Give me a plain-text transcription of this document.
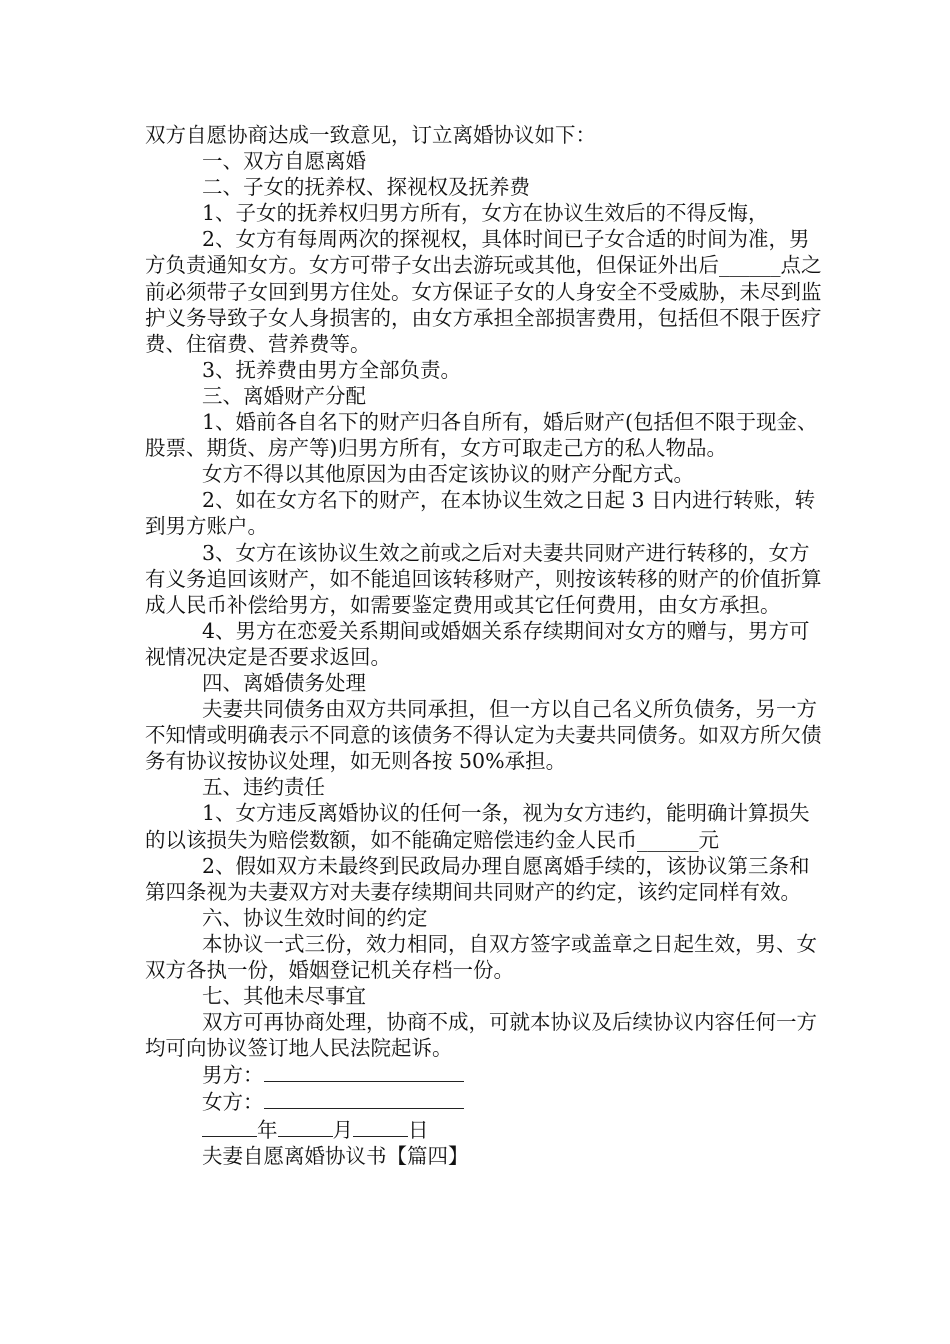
双方自愿协商达成一致意见，订立离婚协议如下：

一、双方自愿离婚

二、子女的抚养权、探视权及抚养费

1、子女的抚养权归男方所有，女方在协议生效后的不得反悔，

2、女方有每周两次的探视权，具体时间已子女合适的时间为准，男方负责通知女方。女方可带子女出去游玩或其他，但保证外出后______点之前必须带子女回到男方住处。女方保证子女的人身安全不受威胁，未尽到监护义务导致子女人身损害的，由女方承担全部损害费用，包括但不限于医疗费、住宿费、营养费等。

3、抚养费由男方全部负责。

三、离婚财产分配

1、婚前各自名下的财产归各自所有，婚后财产(包括但不限于现金、股票、期货、房产等)归男方所有，女方可取走己方的私人物品。

女方不得以其他原因为由否定该协议的财产分配方式。

2、如在女方名下的财产，在本协议生效之日起 3 日内进行转账，转到男方账户。

3、女方在该协议生效之前或之后对夫妻共同财产进行转移的，女方有义务追回该财产，如不能追回该转移财产，则按该转移的财产的价值折算成人民币补偿给男方，如需要鉴定费用或其它任何费用，由女方承担。

4、男方在恋爱关系期间或婚姻关系存续期间对女方的赠与，男方可视情况决定是否要求返回。

四、离婚债务处理

夫妻共同债务由双方共同承担，但一方以自己名义所负债务，另一方不知情或明确表示不同意的该债务不得认定为夫妻共同债务。如双方所欠债务有协议按协议处理，如无则各按 50%承担。

五、违约责任

1、女方违反离婚协议的任何一条，视为女方违约，能明确计算损失的以该损失为赔偿数额，如不能确定赔偿违约金人民币______元

2、假如双方未最终到民政局办理自愿离婚手续的，该协议第三条和第四条视为夫妻双方对夫妻存续期间共同财产的约定，该约定同样有效。

六、协议生效时间的约定

本协议一式三份，效力相同，自双方签字或盖章之日起生效，男、女双方各执一份，婚姻登记机关存档一份。

七、其他未尽事宜

双方可再协商处理，协商不成，可就本协议及后续协议内容任何一方均可向协议签订地人民法院起诉。

男方：
女方：
年	月	日

夫妻自愿离婚协议书【篇四】
